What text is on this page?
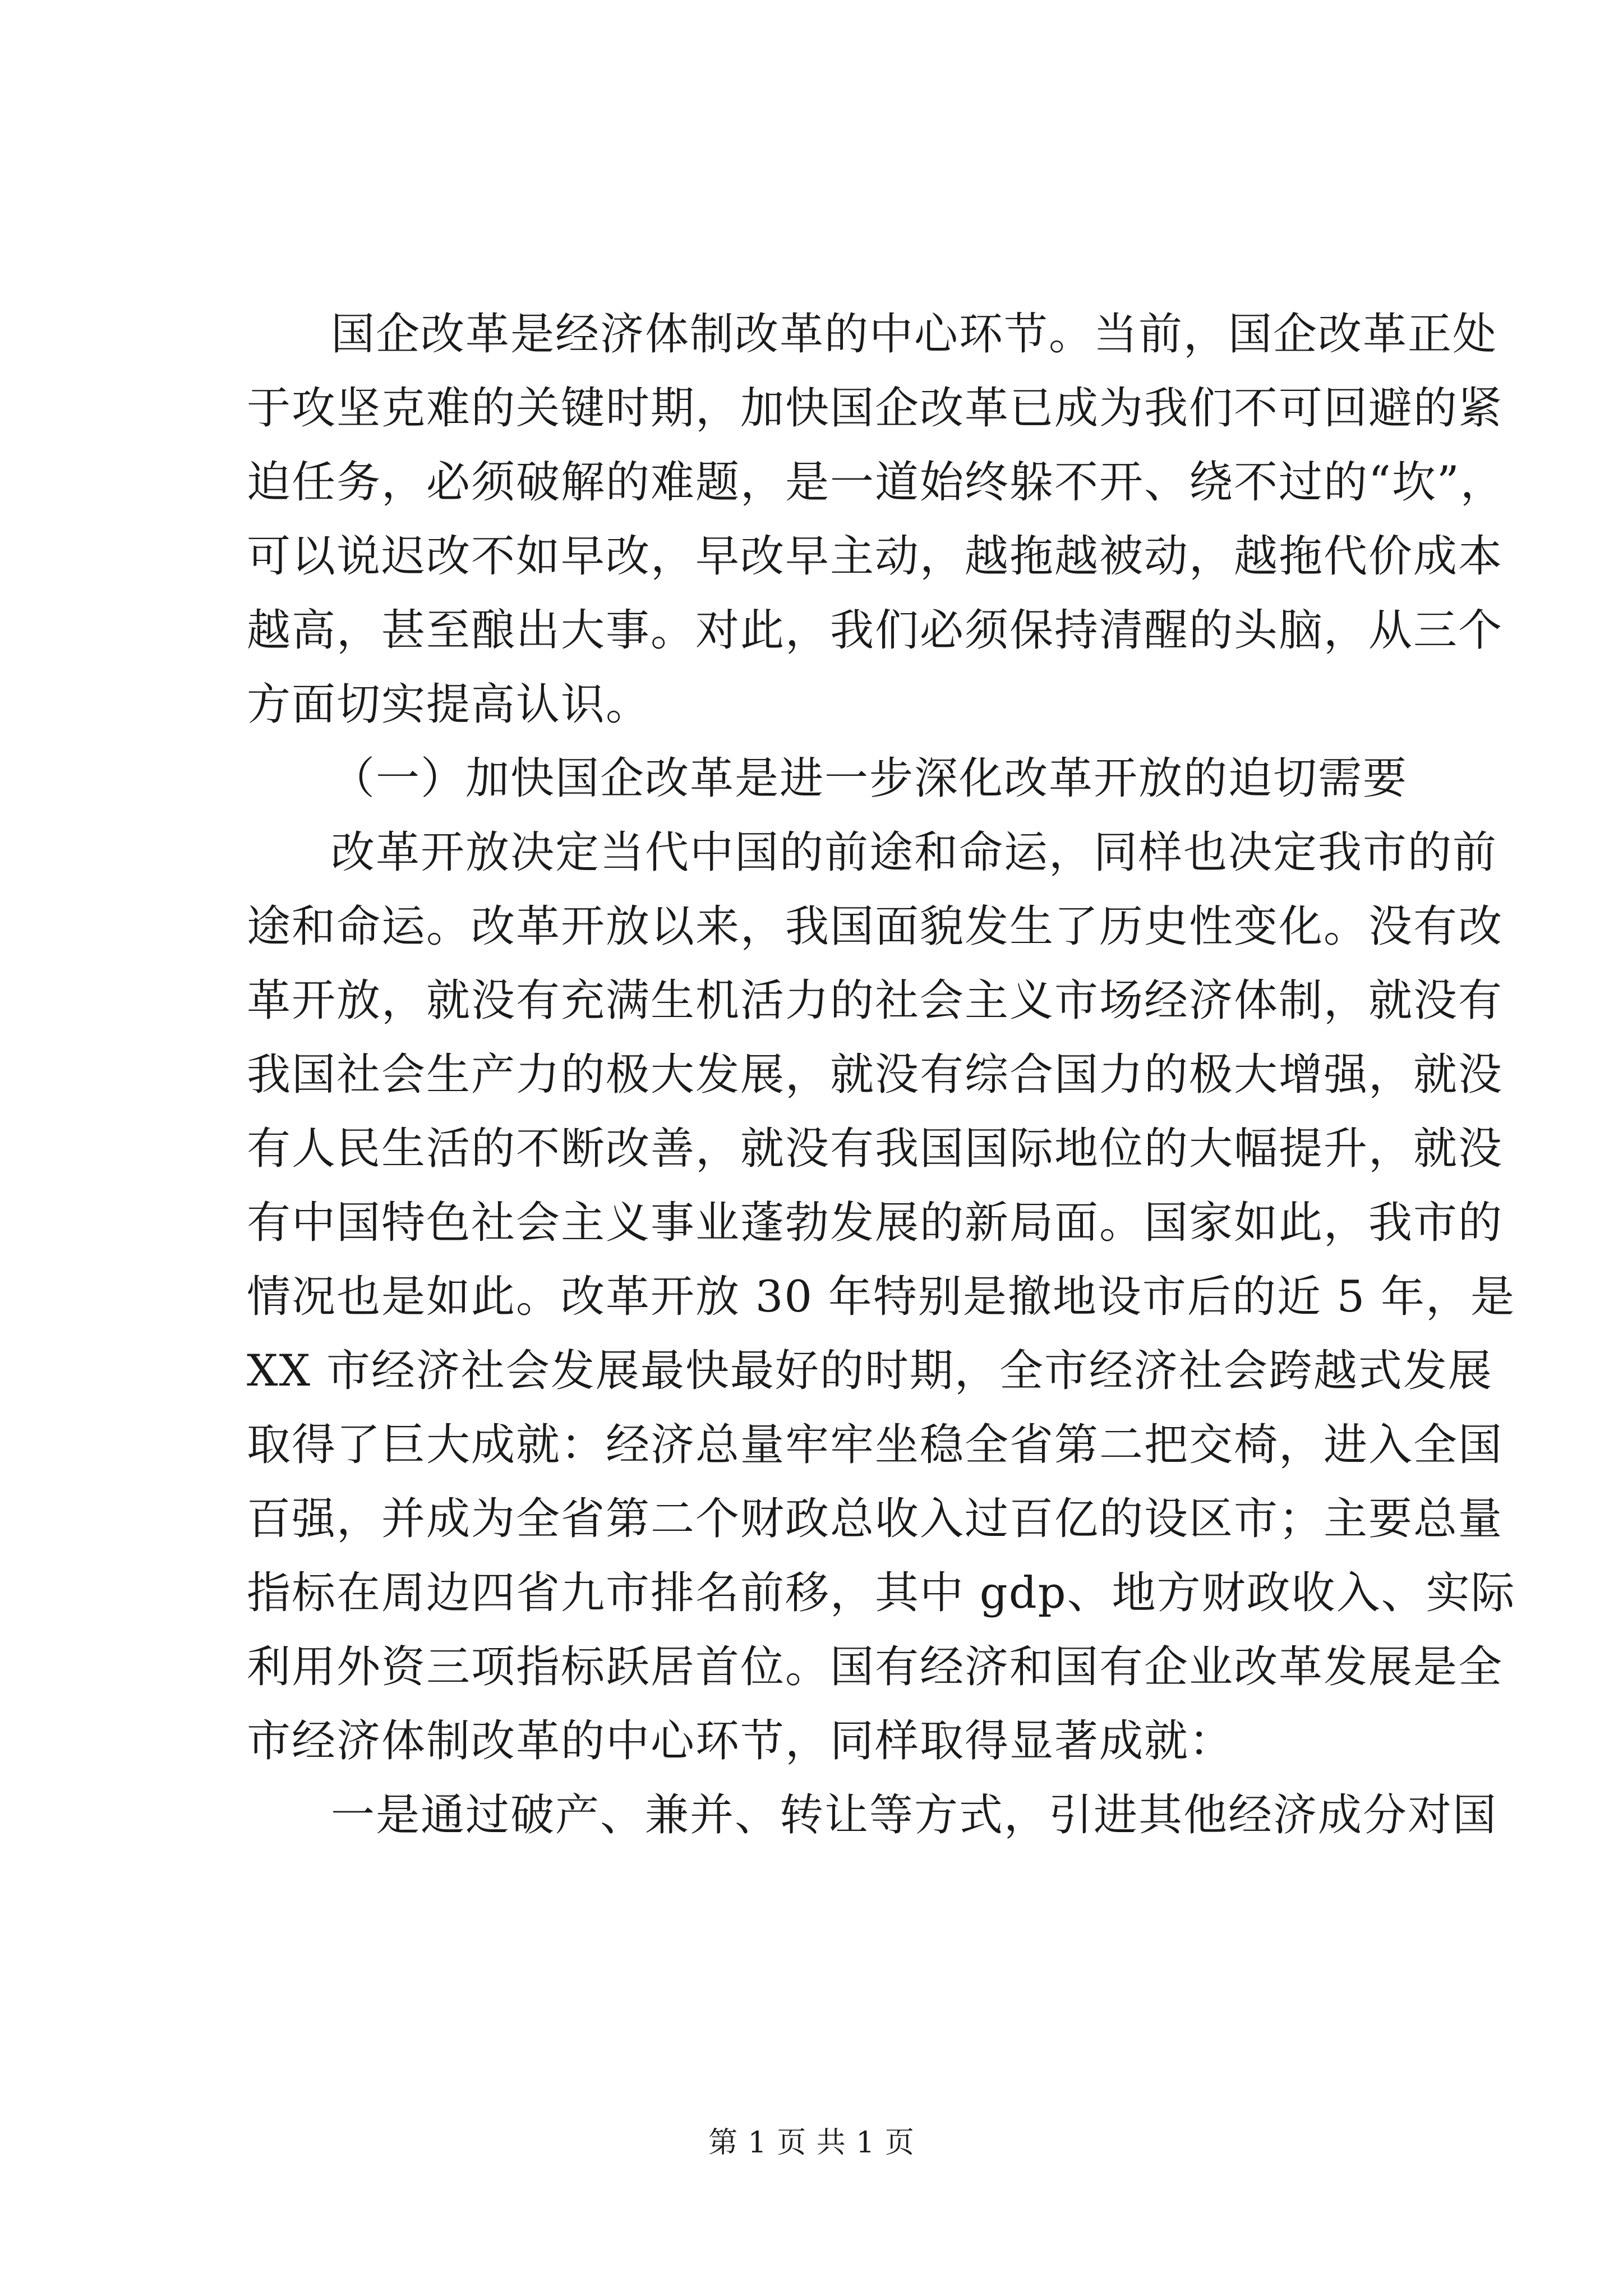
国企改革是经济体制改革的中心环节。当前，国企改革正处
于攻坚克难的关键时期，加快国企改革已成为我们不可回避的紧
迫任务，必须破解的难题，是一道始终躲不开、绕不过的“坎”，
可以说迟改不如早改，早改早主动，越拖越被动，越拖代价成本
越高，甚至酿出大事。对此，我们必须保持清醒的头脑，从三个
方面切实提高认识。
（一）加快国企改革是进一步深化改革开放的迫切需要
改革开放决定当代中国的前途和命运，同样也决定我市的前
途和命运。改革开放以来，我国面貌发生了历史性变化。没有改
革开放，就没有充满生机活力的社会主义市场经济体制，就没有
我国社会生产力的极大发展，就没有综合国力的极大增强，就没
有人民生活的不断改善，就没有我国国际地位的大幅提升，就没
有中国特色社会主义事业蓬勃发展的新局面。国家如此，我市的
情况也是如此。改革开放 30 年特别是撤地设市后的近 5 年，是
XX 市经济社会发展最快最好的时期，全市经济社会跨越式发展
取得了巨大成就：经济总量牢牢坐稳全省第二把交椅，进入全国
百强，并成为全省第二个财政总收入过百亿的设区市；主要总量
指标在周边四省九市排名前移，其中 gdp、地方财政收入、实际
利用外资三项指标跃居首位。国有经济和国有企业改革发展是全
市经济体制改革的中心环节，同样取得显著成就：
一是通过破产、兼并、转让等方式，引进其他经济成分对国
第 1 页 共 1 页
